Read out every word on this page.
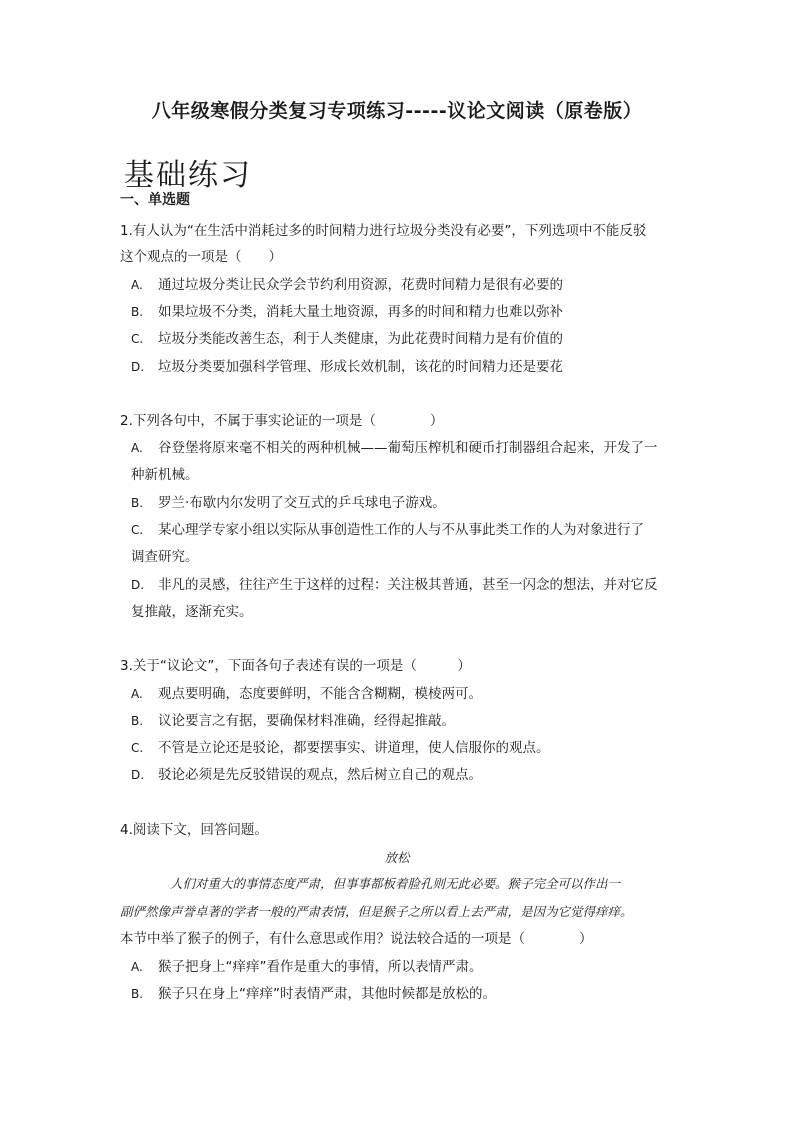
八年级寒假分类复习专项练习-----议论文阅读（原卷版）
基础练习
一、单选题
1.有人认为“在生活中消耗过多的时间精力进行垃圾分类没有必要”，下列选项中不能反驳
这个观点的一项是（　　）
A. 通过垃圾分类让民众学会节约利用资源，花费时间精力是很有必要的
B. 如果垃圾不分类，消耗大量土地资源，再多的时间和精力也难以弥补
C. 垃圾分类能改善生态，利于人类健康，为此花费时间精力是有价值的
D. 垃圾分类要加强科学管理、形成长效机制，该花的时间精力还是要花
2.下列各句中，不属于事实论证的一项是（　　　　）
A. 谷登堡将原来毫不相关的两种机械——葡萄压榨机和硬币打制器组合起来，开发了一
种新机械。
B. 罗兰·布歇内尔发明了交互式的乒乓球电子游戏。
C. 某心理学专家小组以实际从事创造性工作的人与不从事此类工作的人为对象进行了
调查研究。
D. 非凡的灵感，往往产生于这样的过程：关注极其普通，甚至一闪念的想法，并对它反
复推敲，逐渐充实。
3.关于“议论文”，下面各句子表述有误的一项是（　　　）
A. 观点要明确，态度要鲜明，不能含含糊糊，模棱两可。
B. 议论要言之有据，要确保材料准确，经得起推敲。
C. 不管是立论还是驳论，都要摆事实、讲道理，使人信服你的观点。
D. 驳论必须是先反驳错误的观点，然后树立自己的观点。
4.阅读下文，回答问题。
放松
人们对重大的事情态度严肃，但事事都板着脸孔则无此必要。猴子完全可以作出一
副俨然像声誉卓著的学者一般的严肃表情，但是猴子之所以看上去严肃，是因为它觉得痒痒。
本节中举了猴子的例子，有什么意思或作用？说法较合适的一项是（　　　　）
A. 猴子把身上“痒痒”看作是重大的事情，所以表情严肃。
B. 猴子只在身上“痒痒”时表情严肃，其他时候都是放松的。
